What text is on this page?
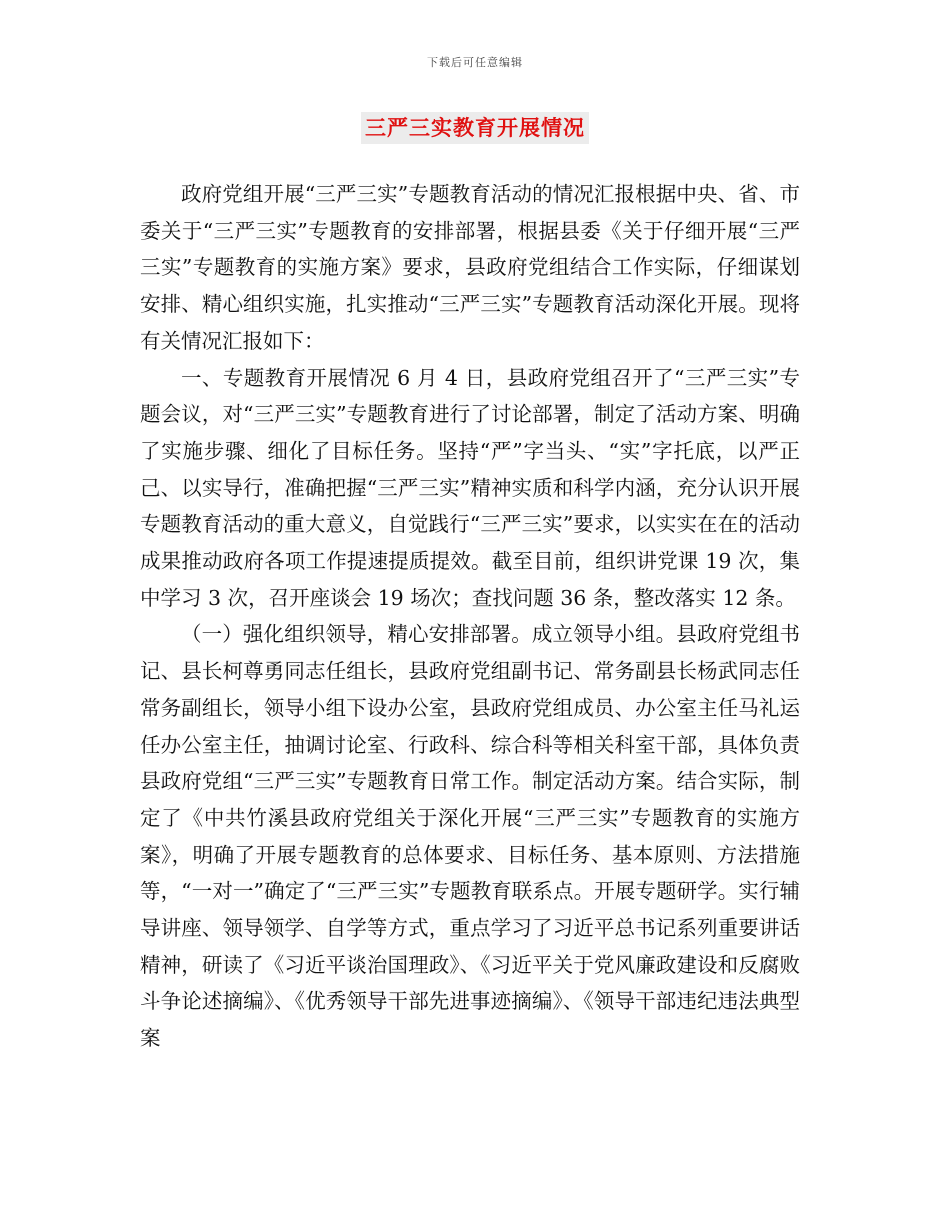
下载后可任意编辑
三严三实教育开展情况

政府党组开展“三严三实”专题教育活动的情况汇报根据中央、省、市委关于“三严三实”专题教育的安排部署，根据县委《关于仔细开展“三严三实”专题教育的实施方案》要求，县政府党组结合工作实际，仔细谋划安排、精心组织实施，扎实推动“三严三实”专题教育活动深化开展。现将有关情况汇报如下：

一、专题教育开展情况 6 月 4 日，县政府党组召开了“三严三实”专题会议，对“三严三实”专题教育进行了讨论部署，制定了活动方案、明确了实施步骤、细化了目标任务。坚持“严”字当头、“实”字托底，以严正己、以实导行，准确把握“三严三实”精神实质和科学内涵，充分认识开展专题教育活动的重大意义，自觉践行“三严三实”要求，以实实在在的活动成果推动政府各项工作提速提质提效。截至目前，组织讲党课 19 次，集中学习 3 次，召开座谈会 19 场次；查找问题 36 条，整改落实 12 条。

（一）强化组织领导，精心安排部署。成立领导小组。县政府党组书记、县长柯尊勇同志任组长，县政府党组副书记、常务副县长杨武同志任常务副组长，领导小组下设办公室，县政府党组成员、办公室主任马礼运任办公室主任，抽调讨论室、行政科、综合科等相关科室干部，具体负责县政府党组“三严三实”专题教育日常工作。制定活动方案。结合实际，制定了《中共竹溪县政府党组关于深化开展“三严三实”专题教育的实施方案》，明确了开展专题教育的总体要求、目标任务、基本原则、方法措施等，“一对一”确定了“三严三实”专题教育联系点。开展专题研学。实行辅导讲座、领导领学、自学等方式，重点学习了习近平总书记系列重要讲话精神，研读了《习近平谈治国理政》、《习近平关于党风廉政建设和反腐败斗争论述摘编》、《优秀领导干部先进事迹摘编》、《领导干部违纪违法典型案
